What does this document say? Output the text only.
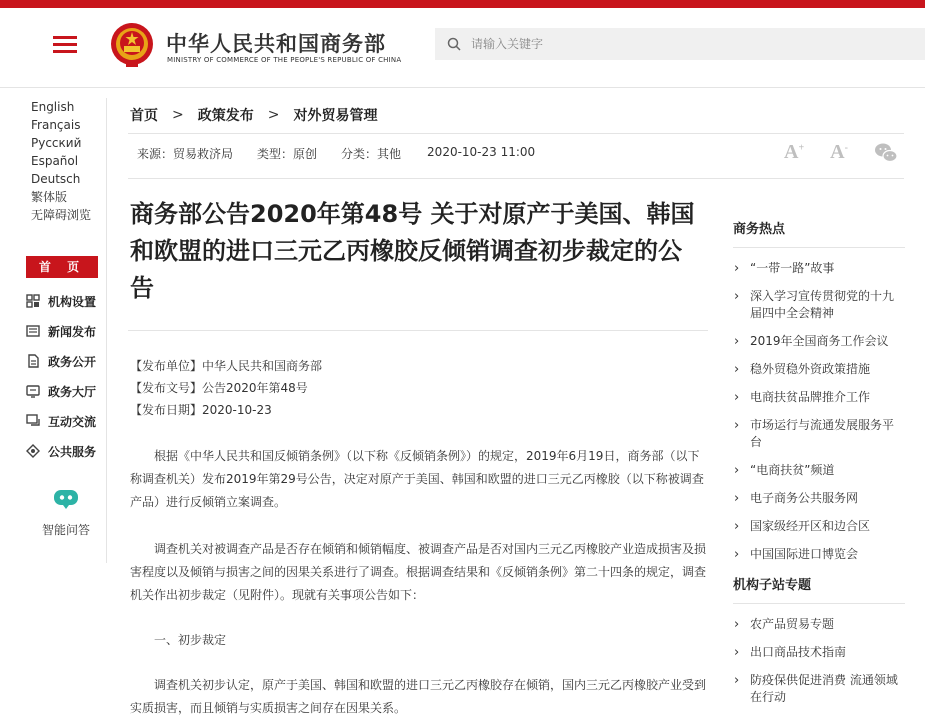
中华人民共和国商务部
MINISTRY OF COMMERCE OF THE PEOPLE'S REPUBLIC OF CHINA
请输入关键字
English
Français
Русский
Español
Deutsch
繁体版
无障碍浏览
首 页
机构设置
新闻发布
政务公开
政务大厅
互动交流
公共服务
智能问答
首页 > 政策发布 > 对外贸易管理
来源：贸易救济局 类型：原创 分类：其他 2020-10-23 11:00	A+ A-
商务部公告2020年第48号 关于对原产于美国、韩国和欧盟的进口三元乙丙橡胶反倾销调查初步裁定的公告
【发布单位】中华人民共和国商务部
【发布文号】公告2020年第48号
【发布日期】2020-10-23

根据《中华人民共和国反倾销条例》（以下称《反倾销条例》）的规定，2019年6月19日，商务部（以下称调查机关）发布2019年第29号公告，决定对原产于美国、韩国和欧盟的进口三元乙丙橡胶（以下称被调查产品）进行反倾销立案调查。

调查机关对被调查产品是否存在倾销和倾销幅度、被调查产品是否对国内三元乙丙橡胶产业造成损害及损害程度以及倾销与损害之间的因果关系进行了调查。根据调查结果和《反倾销条例》第二十四条的规定，调查机关作出初步裁定（见附件）。现就有关事项公告如下：

一、初步裁定

调查机关初步认定，原产于美国、韩国和欧盟的进口三元乙丙橡胶存在倾销，国内三元乙丙橡胶产业受到实质损害，而且倾销与实质损害之间存在因果关系。

商务热点
› “一带一路”故事
› 深入学习宣传贯彻党的十九届四中全会精神
› 2019年全国商务工作会议
› 稳外贸稳外资政策措施
› 电商扶贫品牌推介工作
› 市场运行与流通发展服务平台
› “电商扶贫”频道
› 电子商务公共服务网
› 国家级经开区和边合区
› 中国国际进口博览会
机构子站专题
› 农产品贸易专题
› 出口商品技术指南
› 防疫保供促进消费 流通领域在行动
